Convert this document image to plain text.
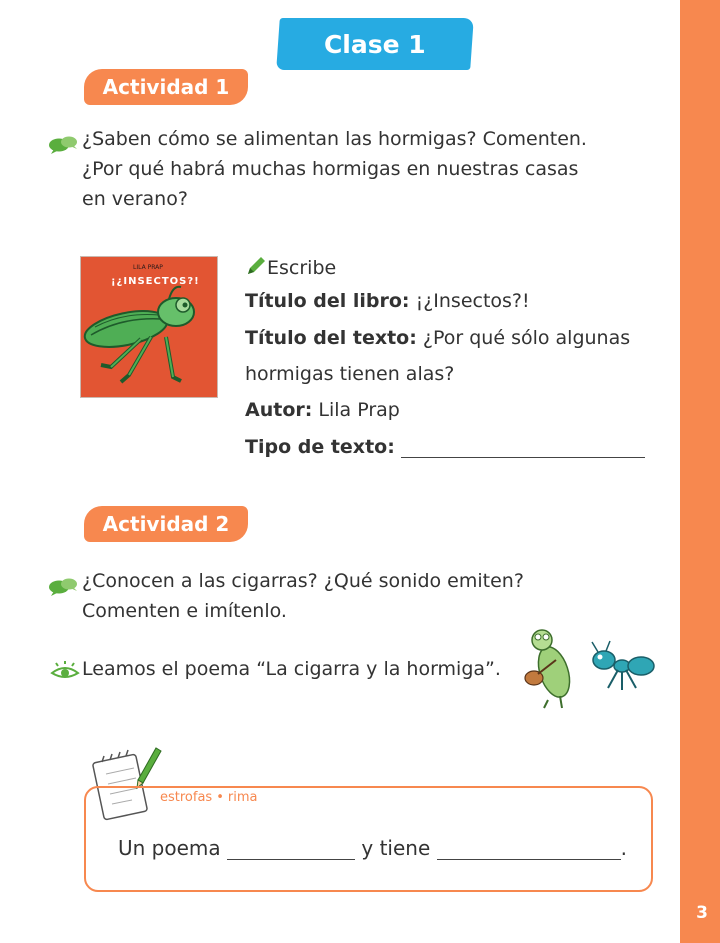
3
Clase 1
Actividad 1
¿Saben cómo se alimentan las hormigas? Comenten.
¿Por qué habrá muchas hormigas en nuestras casas
en verano?
LILA PRAP
¡¿INSECTOS?!
Escribe
Título del libro: ¡¿Insectos?!
Título del texto: ¿Por qué sólo algunas
hormigas tienen alas?
Autor: Lila Prap
Tipo de texto:
Actividad 2
¿Conocen a las cigarras? ¿Qué sonido emiten?
Comenten e imítenlo.
Leamos el poema “La cigarra y la hormiga”.
estrofas • rima
Un poema	y tiene	.
